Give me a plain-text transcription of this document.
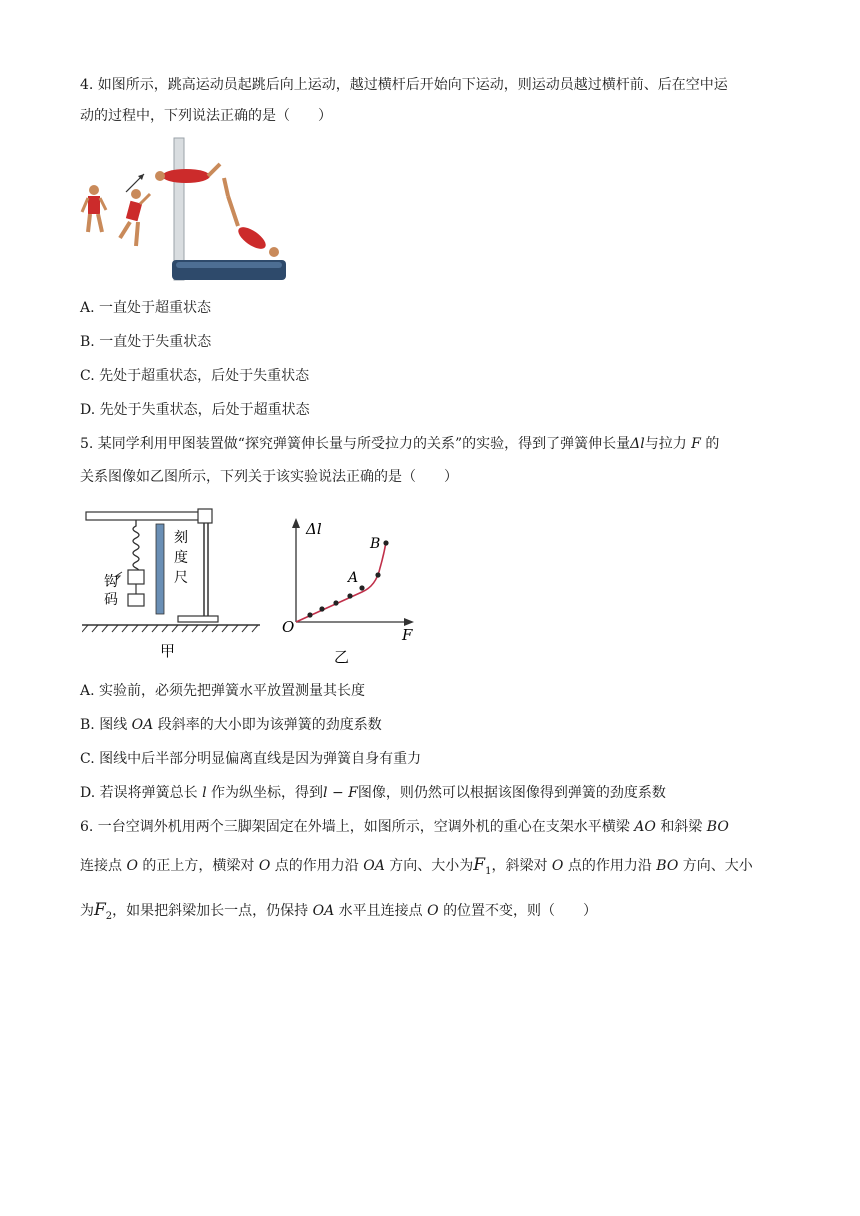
4. 如图所示，跳高运动员起跳后向上运动，越过横杆后开始向下运动，则运动员越过横杆前、后在空中运
动的过程中，下列说法正确的是（　　）
A. 一直处于超重状态
B. 一直处于失重状态
C. 先处于超重状态，后处于失重状态
D. 先处于失重状态，后处于超重状态
5. 某同学利用甲图装置做“探究弹簧伸长量与所受拉力的关系”的实验，得到了弹簧伸长量Δl与拉力 F 的
关系图像如乙图所示，下列关于该实验说法正确的是（　　）
刻
度
尺
钩
码
甲
Δl
F
O
A
B
乙
A. 实验前，必须先把弹簧水平放置测量其长度
B. 图线 OA 段斜率的大小即为该弹簧的劲度系数
C. 图线中后半部分明显偏离直线是因为弹簧自身有重力
D. 若误将弹簧总长 l 作为纵坐标，得到l − F图像，则仍然可以根据该图像得到弹簧的劲度系数
6. 一台空调外机用两个三脚架固定在外墙上，如图所示，空调外机的重心在支架水平横梁 AO 和斜梁 BO
连接点 O 的正上方，横梁对 O 点的作用力沿 OA 方向、大小为$F_1$，斜梁对 O 点的作用力沿 BO 方向、大小
为$F_2$，如果把斜梁加长一点，仍保持 OA 水平且连接点 O 的位置不变，则（　　）
